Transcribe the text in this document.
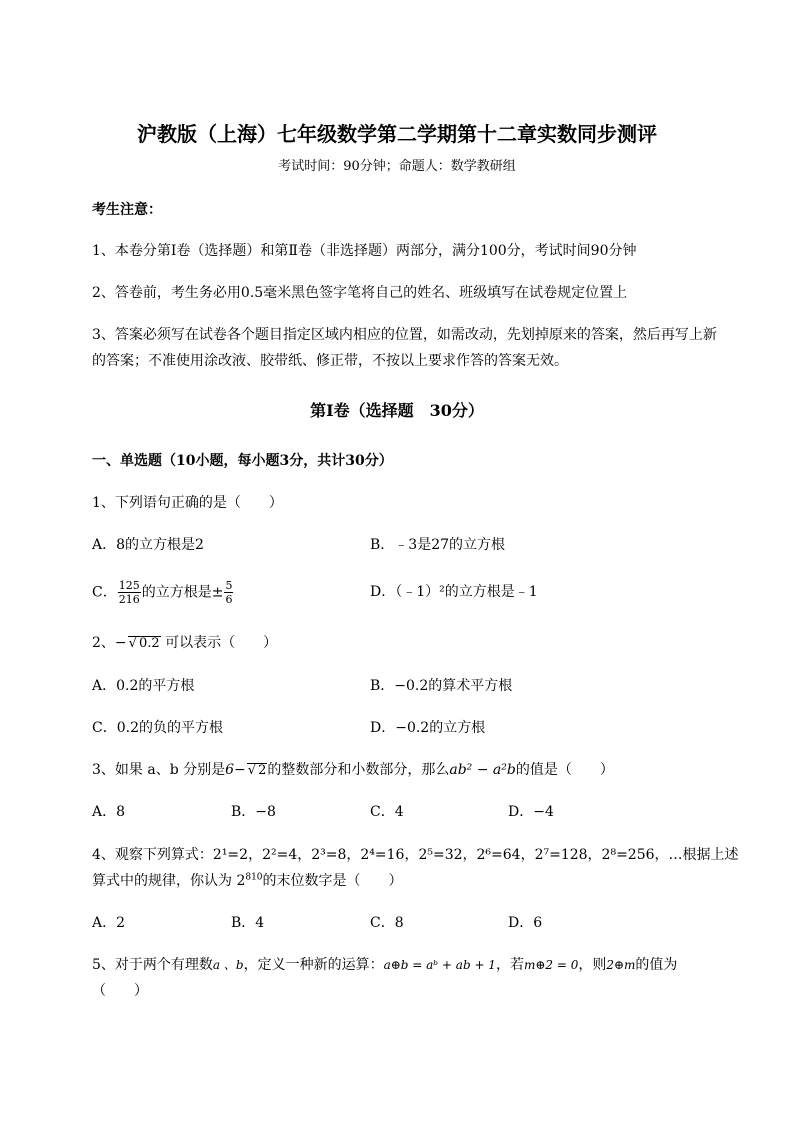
沪教版（上海）七年级数学第二学期第十二章实数同步测评
考试时间：90分钟；命题人：数学教研组
考生注意：
1、本卷分第I卷（选择题）和第Ⅱ卷（非选择题）两部分，满分100分，考试时间90分钟
2、答卷前，考生务必用0.5毫米黑色签字笔将自己的姓名、班级填写在试卷规定位置上
3、答案必须写在试卷各个题目指定区域内相应的位置，如需改动，先划掉原来的答案，然后再写上新
的答案；不准使用涂改液、胶带纸、修正带，不按以上要求作答的答案无效。
第I卷（选择题　30分）
一、单选题（10小题，每小题3分，共计30分）
1、下列语句正确的是（　　）
A．8的立方根是2	B．﹣3是27的立方根
C． $\frac{125}{216}$ 的立方根是± $\frac{5}{6}$	D．（﹣1）²的立方根是﹣1
2、− √ 0.2 可以表示（　　）
A．0.2的平方根	B．−0.2的算术平方根
C．0.2的负的平方根	D．−0.2的立方根
3、如果 a、b 分别是6− √ 2的整数部分和小数部分，那么ab² − a²b的值是（　　）
A．8	B．−8	C．4	D．−4
4、观察下列算式：2¹=2，2²=4，2³=8，2⁴=16，2⁵=32，2⁶=64，2⁷=128，2⁸=256，…根据上述
算式中的规律，你认为 $2^{810}$的末位数字是（　　）
A．2	B．4	C．8	D．6
5、对于两个有理数a 、b，定义一种新的运算：a⊕b = aᵇ + ab + 1，若m⊕2 = 0，则2⊕m的值为
（　　）
